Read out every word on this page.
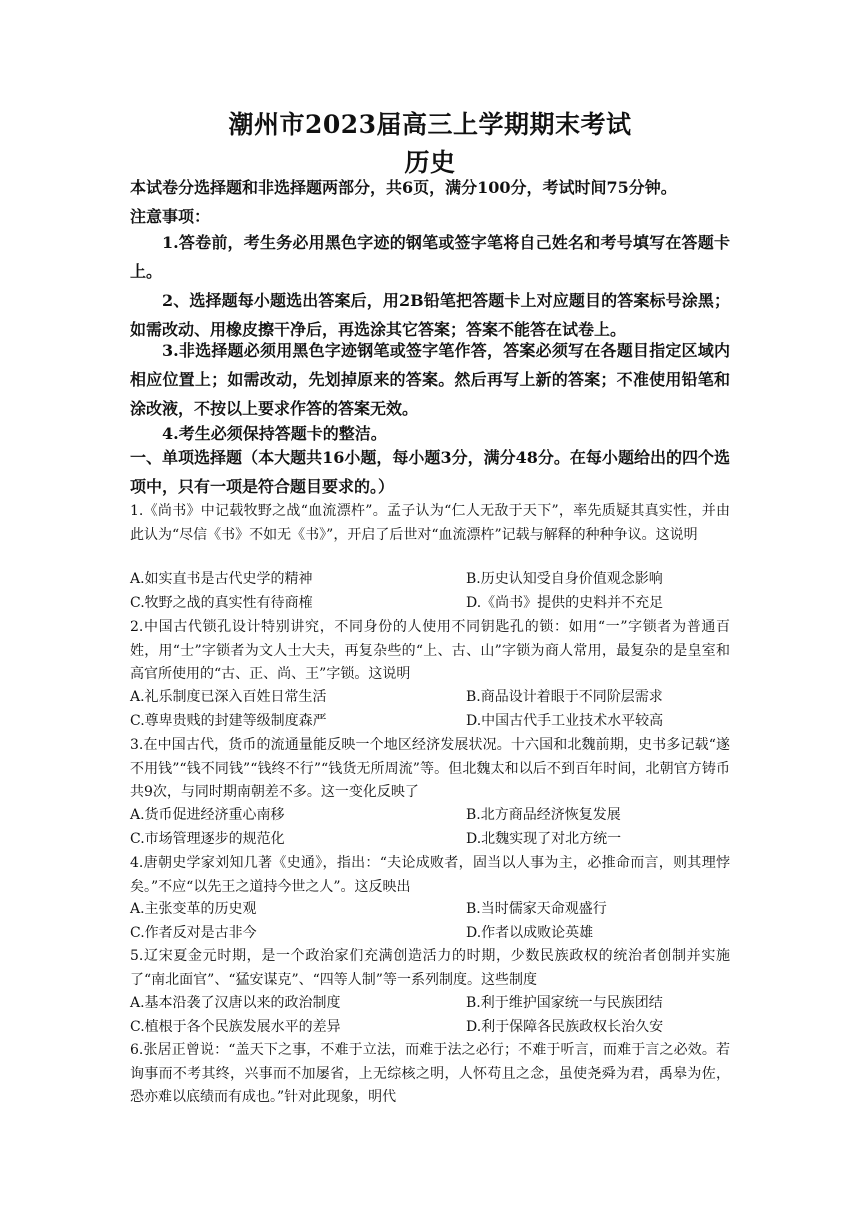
潮州市2023届高三上学期期末考试
历史
本试卷分选择题和非选择题两部分，共6页，满分100分，考试时间75分钟。
注意事项：
1.答卷前，考生务必用黑色字迹的钢笔或签字笔将自己姓名和考号填写在答题卡上。
2、选择题每小题选出答案后，用2B铅笔把答题卡上对应题目的答案标号涂黑；如需改动、用橡皮擦干净后，再选涂其它答案；答案不能答在试卷上。
3.非选择题必须用黑色字迹钢笔或签字笔作答，答案必须写在各题目指定区域内相应位置上；如需改动，先划掉原来的答案。然后再写上新的答案；不准使用铅笔和涂改液，不按以上要求作答的答案无效。
4.考生必须保持答题卡的整洁。
一、单项选择题（本大题共16小题，每小题3分，满分48分。在每小题给出的四个选项中，只有一项是符合题目要求的。）
1.《尚书》中记载牧野之战“血流漂杵”。孟子认为“仁人无敌于天下”，率先质疑其真实性，并由此认为“尽信《书》不如无《书》”，开启了后世对“血流漂杵”记载与解释的种种争议。这说明
A.如实直书是古代史学的精神	B.历史认知受自身价值观念影响
C.牧野之战的真实性有待商榷	D.《尚书》提供的史料并不充足
2.中国古代锁孔设计特别讲究，不同身份的人使用不同钥匙孔的锁：如用“一”字锁者为普通百姓，用“士”字锁者为文人士大夫，再复杂些的“上、古、山”字锁为商人常用，最复杂的是皇室和高官所使用的“古、正、尚、王”字锁。这说明
A.礼乐制度已深入百姓日常生活	B.商品设计着眼于不同阶层需求
C.尊卑贵贱的封建等级制度森严	D.中国古代手工业技术水平较高
3.在中国古代，货币的流通量能反映一个地区经济发展状况。十六国和北魏前期，史书多记载“遂不用钱”“钱不同钱”“钱终不行”“钱货无所周流”等。但北魏太和以后不到百年时间，北朝官方铸币共9次，与同时期南朝差不多。这一变化反映了
A.货币促进经济重心南移	B.北方商品经济恢复发展
C.市场管理逐步的规范化	D.北魏实现了对北方统一
4.唐朝史学家刘知几著《史通》，指出：“夫论成败者，固当以人事为主，必推命而言，则其理悖矣。”不应“以先王之道持今世之人”。这反映出
A.主张变革的历史观	B.当时儒家天命观盛行
C.作者反对是古非今	D.作者以成败论英雄
5.辽宋夏金元时期，是一个政治家们充满创造活力的时期，少数民族政权的统治者创制并实施了“南北面官”、“猛安谋克”、“四等人制”等一系列制度。这些制度
A.基本沿袭了汉唐以来的政治制度	B.利于维护国家统一与民族团结
C.植根于各个民族发展水平的差异	D.利于保障各民族政权长治久安
6.张居正曾说：“盖天下之事，不难于立法，而难于法之必行；不难于听言，而难于言之必效。若询事而不考其终，兴事而不加屡省，上无综核之明，人怀苟且之念，虽使尧舜为君，禹皋为佐，恐亦难以底绩而有成也。”针对此现象，明代
